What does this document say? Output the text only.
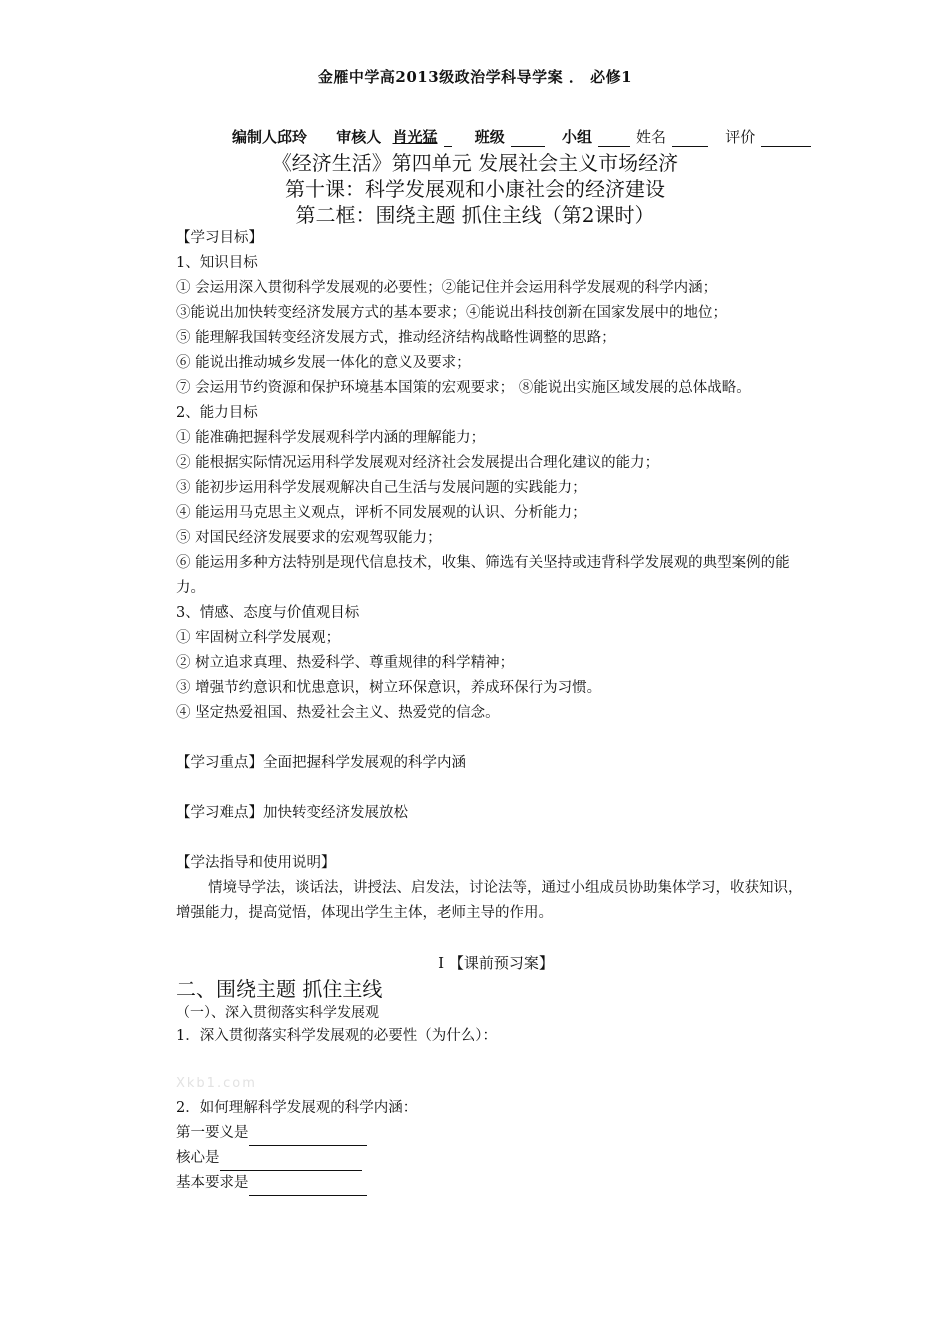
金雁中学高2013级政治学科导学案 ． 必修1
编制人邱玲 审核人 肖光猛 班级	小组	姓名	评价
《经济生活》第四单元 发展社会主义市场经济
第十课：科学发展观和小康社会的经济建设
第二框：围绕主题 抓住主线（第2课时）

【学习目标】

1、知识目标

① 会运用深入贯彻科学发展观的必要性；②能记住并会运用科学发展观的科学内涵；

③能说出加快转变经济发展方式的基本要求；④能说出科技创新在国家发展中的地位；

⑤ 能理解我国转变经济发展方式，推动经济结构战略性调整的思路；

⑥ 能说出推动城乡发展一体化的意义及要求；

⑦ 会运用节约资源和保护环境基本国策的宏观要求； ⑧能说出实施区域发展的总体战略。

2、能力目标

① 能准确把握科学发展观科学内涵的理解能力；

② 能根据实际情况运用科学发展观对经济社会发展提出合理化建议的能力；

③ 能初步运用科学发展观解决自己生活与发展问题的实践能力；

④ 能运用马克思主义观点，评析不同发展观的认识、分析能力；

⑤ 对国民经济发展要求的宏观驾驭能力；

⑥ 能运用多种方法特别是现代信息技术，收集、筛选有关坚持或违背科学发展观的典型案例的能力。

3、情感、态度与价值观目标

① 牢固树立科学发展观；

② 树立追求真理、热爱科学、尊重规律的科学精神；

③ 增强节约意识和忧患意识，树立环保意识，养成环保行为习惯。

④ 坚定热爱祖国、热爱社会主义、热爱党的信念。

【学习重点】全面把握科学发展观的科学内涵

【学习难点】加快转变经济发展放松

【学法指导和使用说明】

情境导学法，谈话法，讲授法、启发法，讨论法等，通过小组成员协助集体学习，收获知识，增强能力，提高觉悟，体现出学生主体，老师主导的作用。

Ⅰ 【课前预习案】

二、围绕主题 抓住主线

（一）、深入贯彻落实科学发展观

1．深入贯彻落实科学发展观的必要性（为什么）：

Xkb1.com

2．如何理解科学发展观的科学内涵：

第一要义是

核心是

基本要求是
